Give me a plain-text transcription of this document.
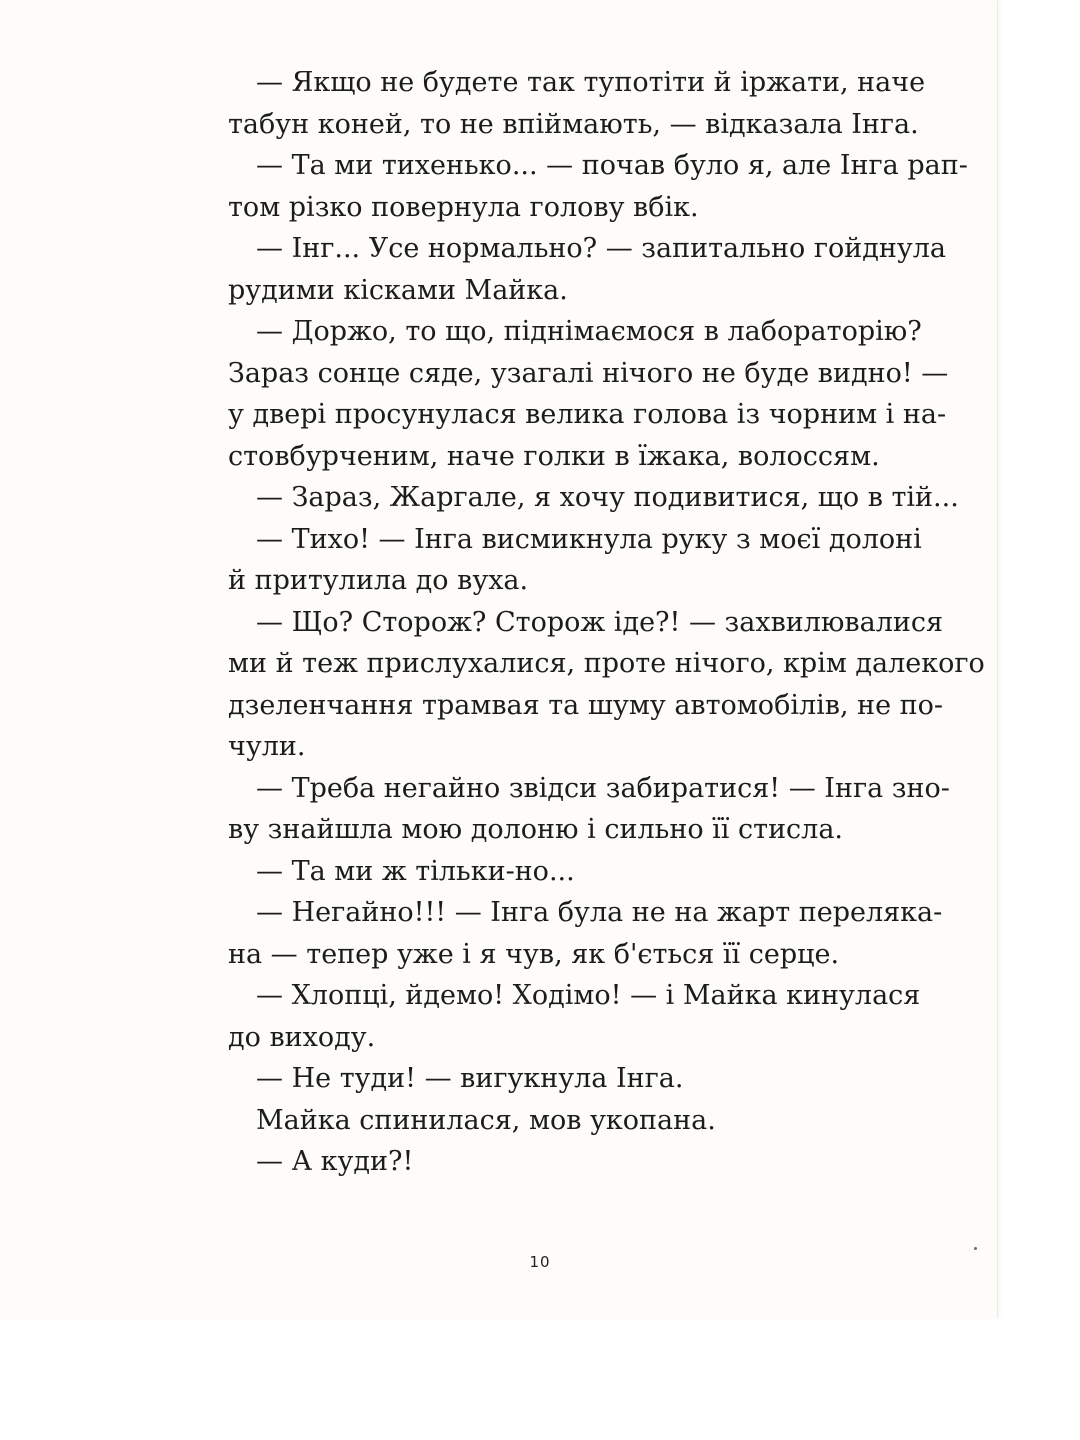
— Якщо не будете так тупотіти й іржати, наче
табун коней, то не впіймають, — відказала Інга.
— Та ми тихенько... — почав було я, але Інга рап-
том різко повернула голову вбік.
— Інг... Усе нормально? — запитально гойднула
рудими кісками Майка.
— Доржо, то що, піднімаємося в лабораторію?
Зараз сонце сяде, узагалі нічого не буде видно! —
у двері просунулася велика голова із чорним і на-
стовбурченим, наче голки в їжака, волоссям.
— Зараз, Жаргале, я хочу подивитися, що в тій...
— Тихо! — Інга висмикнула руку з моєї долоні
й притулила до вуха.
— Що? Сторож? Сторож іде?! — захвилювалися
ми й теж прислухалися, проте нічого, крім далекого
дзеленчання трамвая та шуму автомобілів, не по-
чули.
— Треба негайно звідси забиратися! — Інга зно-
ву знайшла мою долоню і сильно її стисла.
— Та ми ж тільки-но...
— Негайно!!! — Інга була не на жарт переляка-
на — тепер уже і я чув, як б'ється її серце.
— Хлопці, йдемо! Ходімо! — і Майка кинулася
до виходу.
— Не туди! — вигукнула Інга.
Майка спинилася, мов укопана.
— А куди?!
10
